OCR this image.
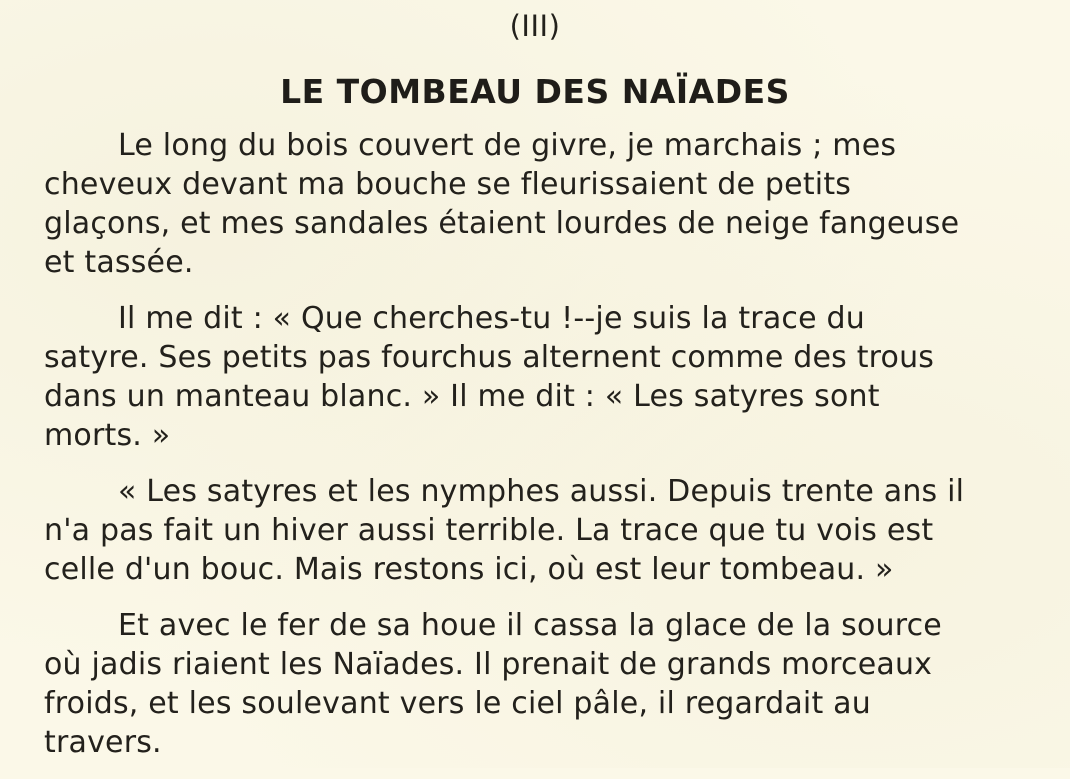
(III)
LE TOMBEAU DES NAÏADES

Le long du bois couvert de givre, je marchais ; mes
cheveux devant ma bouche se fleurissaient de petits
glaçons, et mes sandales étaient lourdes de neige fangeuse
et tassée.

Il me dit : « Que cherches-tu !--je suis la trace du
satyre. Ses petits pas fourchus alternent comme des trous
dans un manteau blanc. » Il me dit : « Les satyres sont
morts. »

« Les satyres et les nymphes aussi. Depuis trente ans il
n'a pas fait un hiver aussi terrible. La trace que tu vois est
celle d'un bouc. Mais restons ici, où est leur tombeau. »

Et avec le fer de sa houe il cassa la glace de la source
où jadis riaient les Naïades. Il prenait de grands morceaux
froids, et les soulevant vers le ciel pâle, il regardait au
travers.
